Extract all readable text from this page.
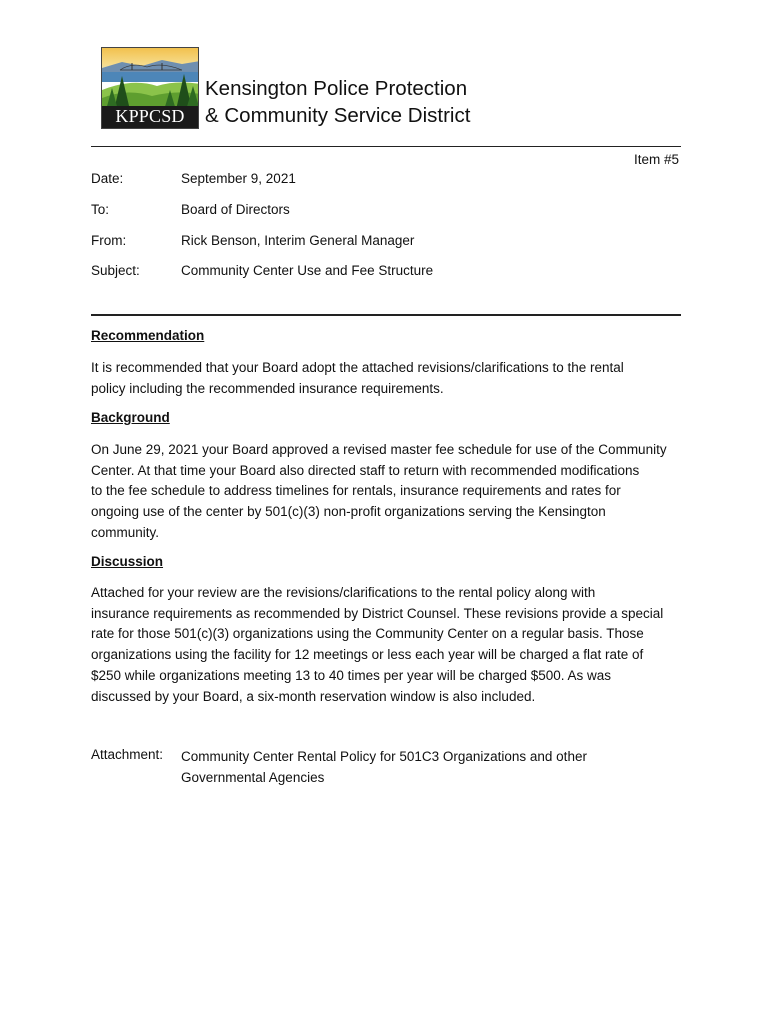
KPPCSD
Kensington Police Protection
& Community Service District
Item #5
Date:	September 9, 2021
To:	Board of Directors
From:	Rick Benson, Interim General Manager
Subject:	Community Center Use and Fee Structure
Recommendation
It is recommended that your Board adopt the attached revisions/clarifications to the rental
policy including the recommended insurance requirements.
Background
On June 29, 2021 your Board approved a revised master fee schedule for use of the Community
Center. At that time your Board also directed staff to return with recommended modifications
to the fee schedule to address timelines for rentals, insurance requirements and rates for
ongoing use of the center by 501(c)(3) non-profit organizations serving the Kensington
community.
Discussion
Attached for your review are the revisions/clarifications to the rental policy along with
insurance requirements as recommended by District Counsel. These revisions provide a special
rate for those 501(c)(3) organizations using the Community Center on a regular basis. Those
organizations using the facility for 12 meetings or less each year will be charged a flat rate of
$250 while organizations meeting 13 to 40 times per year will be charged $500. As was
discussed by your Board, a six-month reservation window is also included.
Attachment: Community Center Rental Policy for 501C3 Organizations and other
Governmental Agencies
